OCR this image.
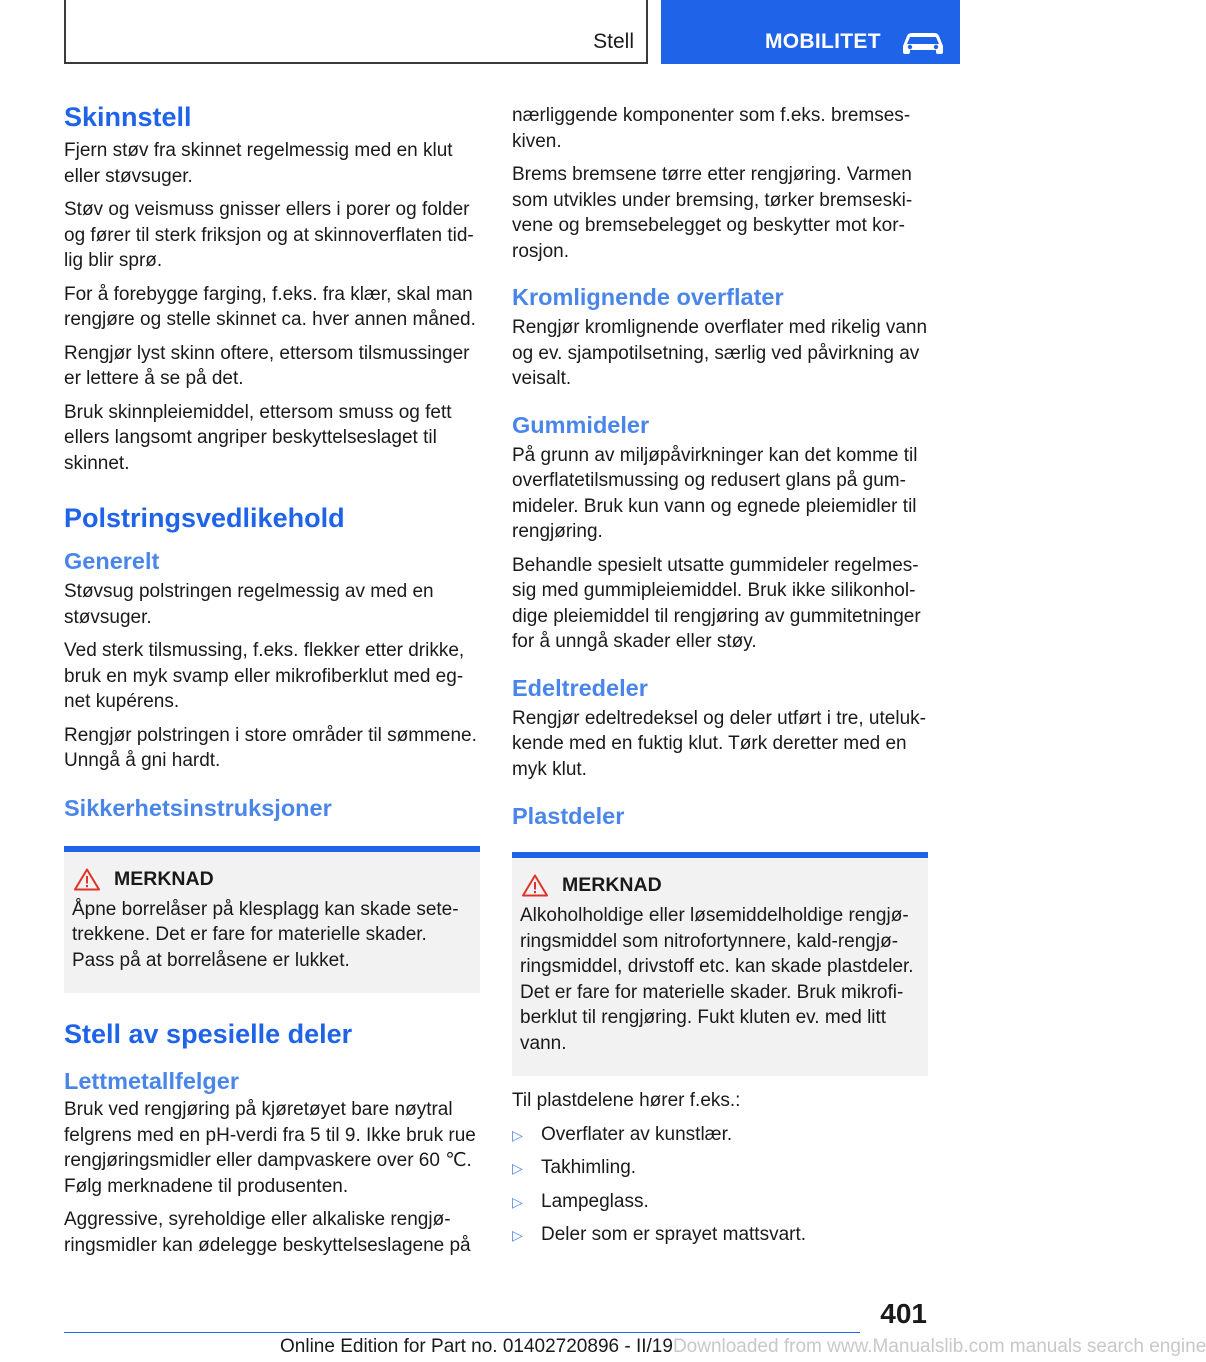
Stell	MOBILITET
Skinnstell

Fjern støv fra skinnet regelmessig med en klut eller støvsuger.

Støv og veismuss gnisser ellers i porer og folder og fører til sterk friksjon og at skinnoverflaten tidlig blir sprø.

For å forebygge farging, f.eks. fra klær, skal man rengjøre og stelle skinnet ca. hver annen måned.

Rengjør lyst skinn oftere, ettersom tilsmussinger er lettere å se på det.

Bruk skinnpleiemiddel, ettersom smuss og fett ellers langsomt angriper beskyttelseslaget til skinnet.

Polstringsvedlikehold
Generelt

Støvsug polstringen regelmessig av med en støvsuger.

Ved sterk tilsmussing, f.eks. flekker etter drikke, bruk en myk svamp eller mikrofiberklut med egnet kupérens.

Rengjør polstringen i store områder til sømmene. Unngå å gni hardt.

Sikkerhetsinstruksjoner
MERKNAD

Åpne borrelåser på klesplagg kan skade setetrekkene. Det er fare for materielle skader. Pass på at borrelåsene er lukket.

Stell av spesielle deler
Lettmetallfelger

Bruk ved rengjøring på kjøretøyet bare nøytral felgrens med en pH-verdi fra 5 til 9. Ikke bruk rue rengjøringsmidler eller dampvaskere over 60 ℃. Følg merknadene til produsenten.

Aggressive, syreholdige eller alkaliske rengjøringsmidler kan ødelegge beskyttelseslagene på

nærliggende komponenter som f.eks. bremseskiven.

Brems bremsene tørre etter rengjøring. Varmen som utvikles under bremsing, tørker bremseskivene og bremsebelegget og beskytter mot korrosjon.

Kromlignende overflater

Rengjør kromlignende overflater med rikelig vann og ev. sjampotilsetning, særlig ved påvirkning av veisalt.

Gummideler

På grunn av miljøpåvirkninger kan det komme til overflatetilsmussing og redusert glans på gummideler. Bruk kun vann og egnede pleiemidler til rengjøring.

Behandle spesielt utsatte gummideler regelmessig med gummipleiemiddel. Bruk ikke silikonholdige pleiemiddel til rengjøring av gummitetninger for å unngå skader eller støy.

Edeltredeler

Rengjør edeltredeksel og deler utført i tre, utelukkende med en fuktig klut. Tørk deretter med en myk klut.

Plastdeler
MERKNAD

Alkoholholdige eller løsemiddelholdige rengjøringsmiddel som nitrofortynnere, kald-rengjøringsmiddel, drivstoff etc. kan skade plastdeler. Det er fare for materielle skader. Bruk mikrofiberklut til rengjøring. Fukt kluten ev. med litt vann.

Til plastdelene hører f.eks.:

▷ Overflater av kunstlær.
▷ Takhimling.
▷ Lampeglass.
▷ Deler som er sprayet mattsvart.
401
Online Edition for Part no. 01402720896 - II/19Downloaded from www.Manualslib.com manuals search engine
